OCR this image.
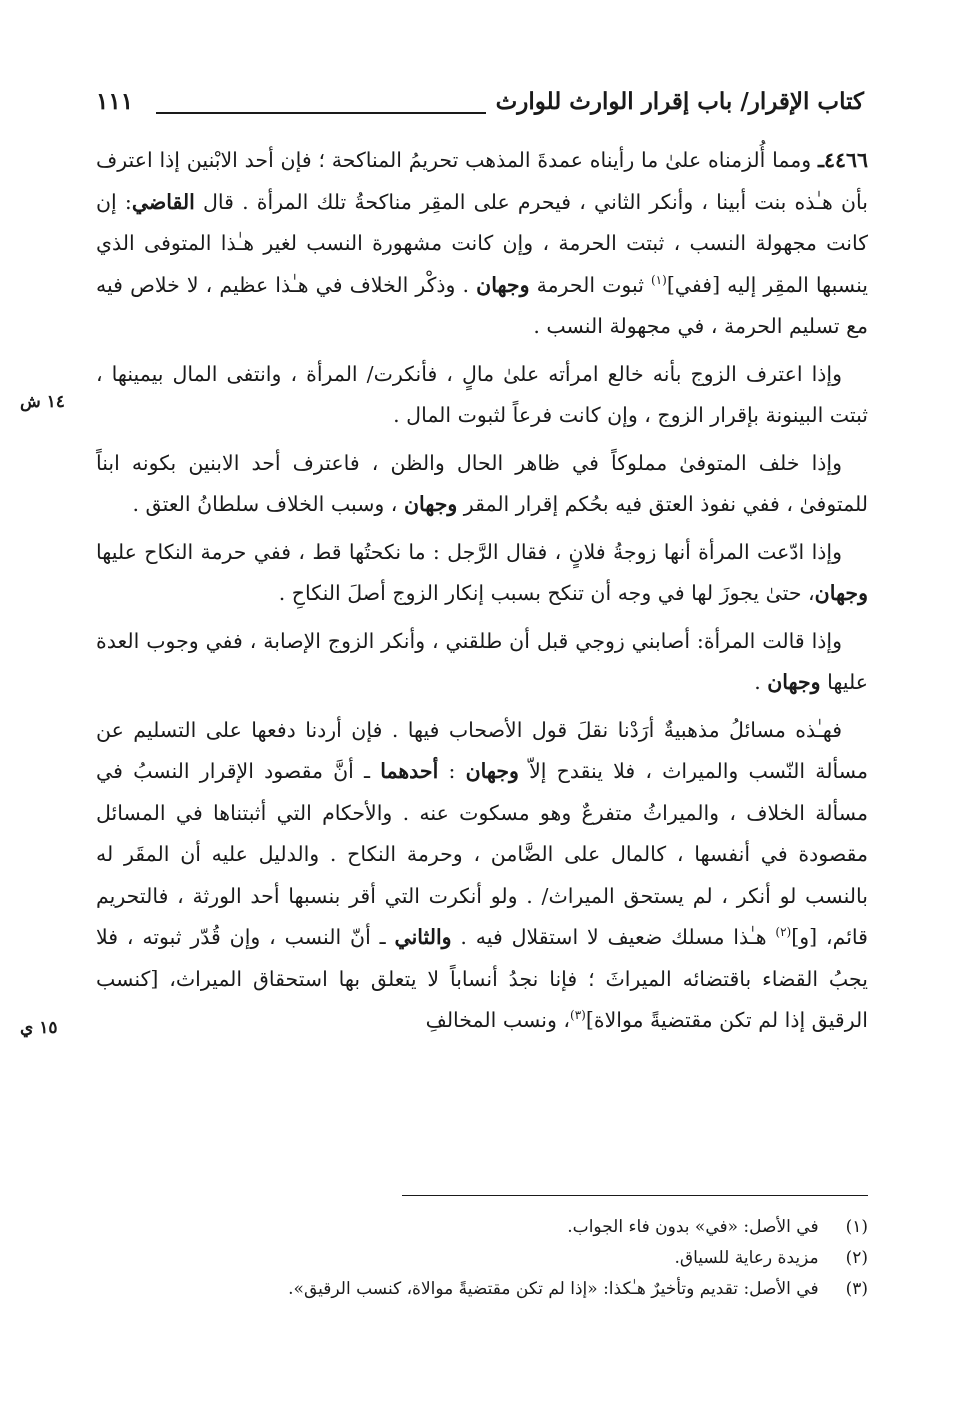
كتاب الإقرار/ باب إقرار الوارث للوارث
١١١

٤٤٦٦ـ ومما أُلزمناه علىٰ ما رأيناه عمدةَ المذهب تحريمُ المناكحة ؛ فإن أحد الابْنين إذا اعترف بأن هـٰذه بنت أبينا ، وأنكر الثاني ، فيحرم على المقِر مناكحةُ تلك المرأة . قال القاضي: إن كانت مجهولة النسب ، ثبتت الحرمة ، وإن كانت مشهورة النسب لغير هـٰذا المتوفى الذي ينسبها المقِر إليه [ففي]$^{(١)}$ ثبوت الحرمة وجهان . وذكْر الخلاف في هـٰذا عظيم ، لا خلاص فيه مع تسليم الحرمة ، في مجهولة النسب .

وإذا اعترف الزوج بأنه خالع امرأته علىٰ مالٍ ، فأنكرت/ المرأة ، وانتفى المال بيمينها ، ثبتت البينونة بإقرار الزوج ، وإن كانت فرعاً لثبوت المال .

وإذا خلف المتوفىٰ مملوكاً في ظاهر الحال والظن ، فاعترف أحد الابنين بكونه ابناً للمتوفىٰ ، ففي نفوذ العتق فيه بحُكم إقرار المقر وجهان ، وسبب الخلاف سلطانُ العتق .

وإذا ادّعت المرأة أنها زوجةُ فلانٍ ، فقال الرَّجل : ما نكحتُها قط ، ففي حرمة النكاح عليها وجهان، حتىٰ يجوزَ لها في وجه أن تنكح بسبب إنكار الزوج أصلَ النكاحِ .

وإذا قالت المرأة: أصابني زوجي قبل أن طلقني ، وأنكر الزوج الإصابة ، ففي وجوب العدة عليها وجهان .

فهـٰذه مسائلُ مذهبيةٌ أرَدْنا نقلَ قول الأصحاب فيها . فإن أردنا دفعها على التسليم عن مسألة النّسب والميراث ، فلا ينقدح إلاّ وجهان : أحدهما ـ أنَّ مقصود الإقرار النسبُ في مسألة الخلاف ، والميراثُ متفرعٌ وهو مسكوت عنه . والأحكام التي أثبتناها في المسائل مقصودة في أنفسها ، كالمال على الضَّامن ، وحرمة النكاح . والدليل عليه أن المقَر له بالنسب لو أنكر ، لم يستحق الميراث/ . ولو أنكرت التي أقر بنسبها أحد الورثة ، فالتحريم قائم، [و]$^{(٢)}$ هـٰذا مسلك ضعيف لا استقلال فيه . والثاني ـ أنّ النسب ، وإن قُدّر ثبوته ، فلا يجبُ القضاء باقتضائه الميراثَ ؛ فإنا نجدُ أنساباً لا يتعلق بها استحقاق الميراث، [كنسب الرقيق إذا لم تكن مقتضيةً موالاة]$^{(٣)}$، ونسب المخالفِ

١٤ ش
١٥ ي
(١) في الأصل: «في» بدون فاء الجواب.
(٢) مزيدة رعاية للسياق.
(٣) في الأصل: تقديم وتأخيرٌ هـٰكذا: «إذا لم تكن مقتضيةً موالاة، كنسب الرقيق».
